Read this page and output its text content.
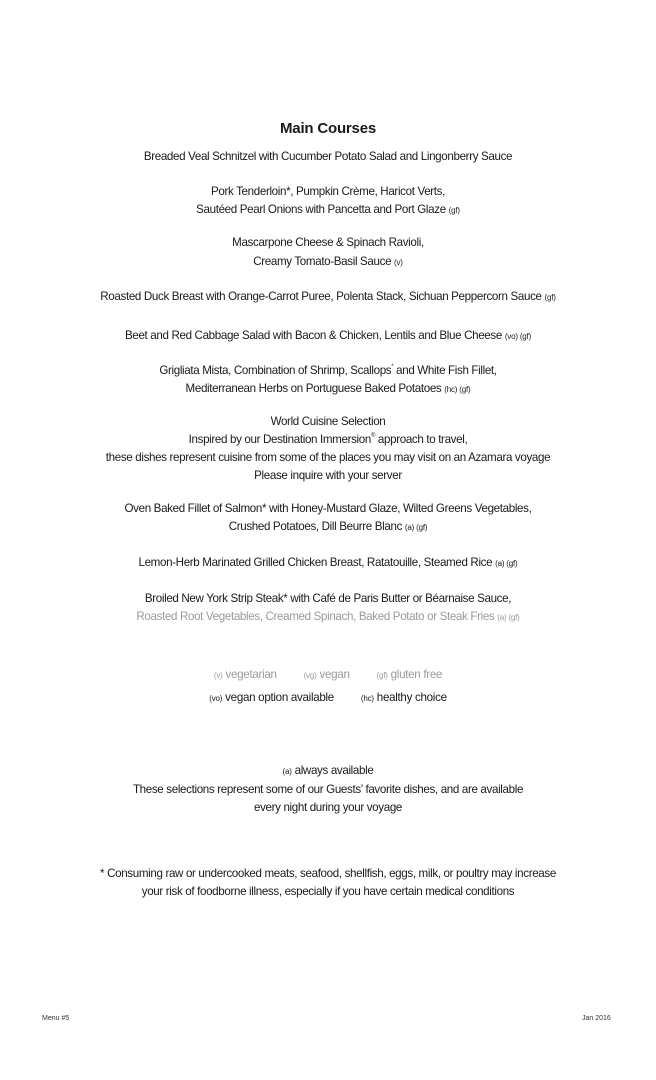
Main Courses
Breaded Veal Schnitzel with Cucumber Potato Salad and Lingonberry Sauce
Pork Tenderloin*, Pumpkin Crème, Haricot Verts,
Sautéed Pearl Onions with Pancetta and Port Glaze (gf)
Mascarpone Cheese & Spinach Ravioli,
Creamy Tomato-Basil Sauce (v)
Roasted Duck Breast with Orange-Carrot Puree, Polenta Stack, Sichuan Peppercorn Sauce (gf)
Beet and Red Cabbage Salad with Bacon & Chicken, Lentils and Blue Cheese (vo) (gf)
Grigliata Mista, Combination of Shrimp, Scallops* and White Fish Fillet,
Mediterranean Herbs on Portuguese Baked Potatoes (hc) (gf)
World Cuisine Selection
Inspired by our Destination Immersion® approach to travel,
these dishes represent cuisine from some of the places you may visit on an Azamara voyage
Please inquire with your server
Oven Baked Fillet of Salmon* with Honey-Mustard Glaze, Wilted Greens Vegetables,
Crushed Potatoes, Dill Beurre Blanc (a) (gf)
Lemon-Herb Marinated Grilled Chicken Breast, Ratatouille, Steamed Rice (a) (gf)
Broiled New York Strip Steak* with Café de Paris Butter or Béarnaise Sauce,
Roasted Root Vegetables, Creamed Spinach, Baked Potato or Steak Fries (a) (gf)
(v) vegetarian	(vg) vegan	(gf) gluten free
(vo) vegan option available	(hc) healthy choice
(a) always available
These selections represent some of our Guests’ favorite dishes, and are available
every night during your voyage
* Consuming raw or undercooked meats, seafood, shellfish, eggs, milk, or poultry may increase
your risk of foodborne illness, especially if you have certain medical conditions
Menu #5	Jan 2016
